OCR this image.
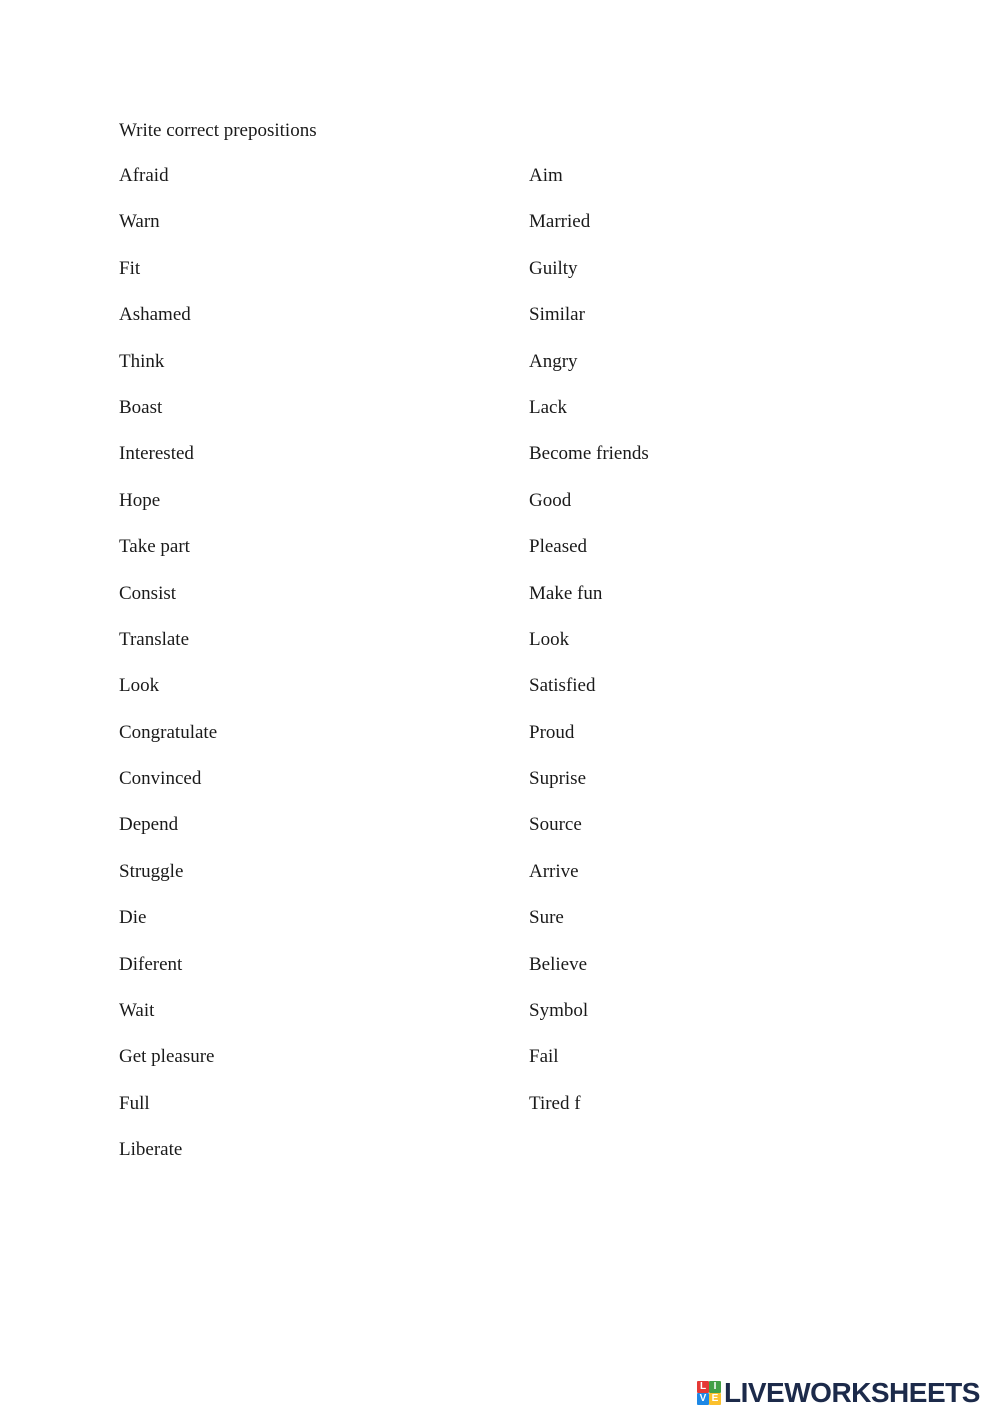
Write correct prepositions
Afraid
Warn
Fit
Ashamed
Think
Boast
Interested
Hope
Take part
Consist
Translate
Look
Congratulate
Convinced
Depend
Struggle
Die
Diferent
Wait
Get pleasure
Full
Liberate
Aim
Married
Guilty
Similar
Angry
Lack
Become friends
Good
Pleased
Make fun
Look
Satisfied
Proud
Suprise
Source
Arrive
Sure
Believe
Symbol
Fail
Tired f
L I
V E LIVEWORKSHEETS
